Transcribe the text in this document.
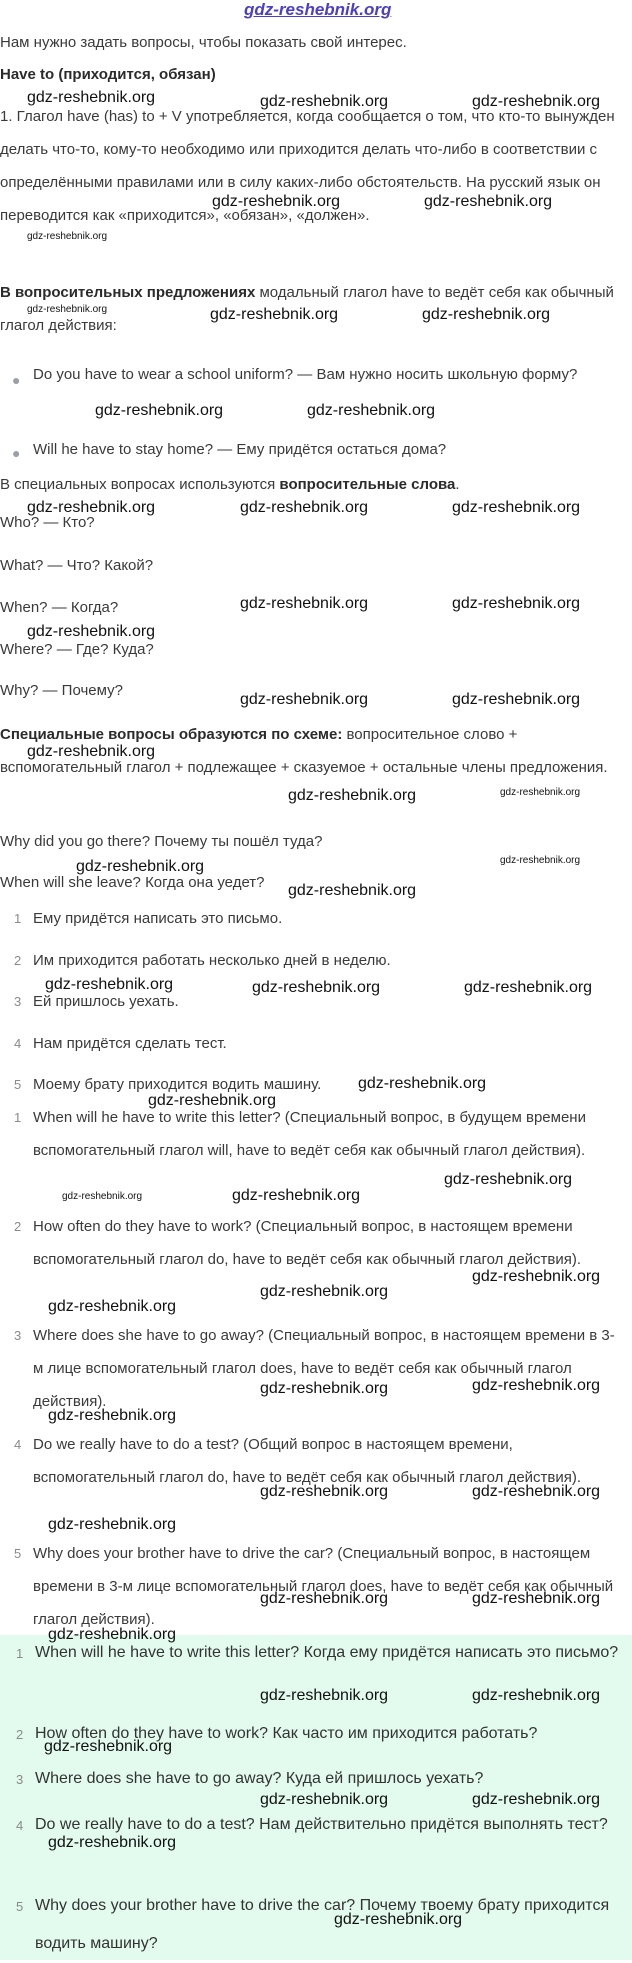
gdz-reshebnik.org

Нам нужно задать вопросы, чтобы показать свой интерес.

Have to (приходится, обязан)

1. Глагол have (has) to + V употребляется, когда сообщается о том, что кто-то вынужден делать что-то, кому-то необходимо или приходится делать что-либо в соответствии с определёнными правилами или в силу каких-либо обстоятельств. На русский язык он переводится как «приходится», «обязан», «должен».

В вопросительных предложениях модальный глагол have to ведёт себя как обычный глагол действия:

● Do you have to wear a school uniform? — Вам нужно носить школьную форму?
● Will he have to stay home? — Ему придётся остаться дома?

В специальных вопросах используются вопросительные слова.

Who? — Кто?
What? — Что? Какой?
When? — Когда?
Where? — Где? Куда?
Why? — Почему?

Специальные вопросы образуются по схеме: вопросительное слово + вспомогательный глагол + подлежащее + сказуемое + остальные члены предложения.

Why did you go there? Почему ты пошёл туда?
When will she leave? Когда она уедет?
1 Ему придётся написать это письмо.
2 Им приходится работать несколько дней в неделю.
3 Ей пришлось уехать.
4 Нам придётся сделать тест.
5 Моему брату приходится водить машину.
1 When will he have to write this letter? (Специальный вопрос, в будущем времени вспомогательный глагол will, have to ведёт себя как обычный глагол действия).
2 How often do they have to work? (Специальный вопрос, в настоящем времени вспомогательный глагол do, have to ведёт себя как обычный глагол действия).
3 Where does she have to go away? (Специальный вопрос, в настоящем времени в 3-м лице вспомогательный глагол does, have to ведёт себя как обычный глагол действия).
4 Do we really have to do a test? (Общий вопрос в настоящем времени, вспомогательный глагол do, have to ведёт себя как обычный глагол действия).
5 Why does your brother have to drive the car? (Специальный вопрос, в настоящем времени в 3-м лице вспомогательный глагол does, have to ведёт себя как обычный глагол действия).
1 When will he have to write this letter? Когда ему придётся написать это письмо?
2 How often do they have to work? Как часто им приходится работать?
3 Where does she have to go away? Куда ей пришлось уехать?
4 Do we really have to do a test? Нам действительно придётся выполнять тест?
5 Why does your brother have to drive the car? Почему твоему брату приходится водить машину?
gdz-reshebnik.org	gdz-reshebnik.org	gdz-reshebnik.org
gdz-reshebnik.org	gdz-reshebnik.org
gdz-reshebnik.org
gdz-reshebnik.org	gdz-reshebnik.org	gdz-reshebnik.org
gdz-reshebnik.org	gdz-reshebnik.org
gdz-reshebnik.org	gdz-reshebnik.org	gdz-reshebnik.org
gdz-reshebnik.org	gdz-reshebnik.org
gdz-reshebnik.org
gdz-reshebnik.org	gdz-reshebnik.org
gdz-reshebnik.org
gdz-reshebnik.org	gdz-reshebnik.org
gdz-reshebnik.org	gdz-reshebnik.org
gdz-reshebnik.org
gdz-reshebnik.org	gdz-reshebnik.org	gdz-reshebnik.org
gdz-reshebnik.org
gdz-reshebnik.org
gdz-reshebnik.org
gdz-reshebnik.org	gdz-reshebnik.org
gdz-reshebnik.org
gdz-reshebnik.org
gdz-reshebnik.org
gdz-reshebnik.org	gdz-reshebnik.org
gdz-reshebnik.org
gdz-reshebnik.org	gdz-reshebnik.org
gdz-reshebnik.org
gdz-reshebnik.org	gdz-reshebnik.org
gdz-reshebnik.org
gdz-reshebnik.org	gdz-reshebnik.org
gdz-reshebnik.org
gdz-reshebnik.org	gdz-reshebnik.org
gdz-reshebnik.org
gdz-reshebnik.org
